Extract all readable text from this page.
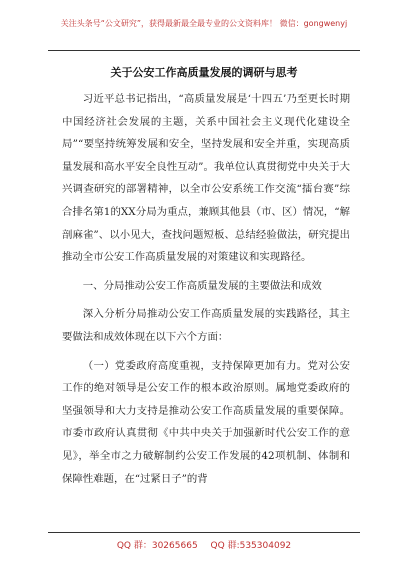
关注头条号“公文研究”，获得最新最全最专业的公文资料库！ 微信：gongwenyj
关于公安工作高质量发展的调研与思考

习近平总书记指出，“高质量发展是‘十四五’乃至更长时期中国经济社会发展的主题，关系中国社会主义现代化建设全局”“要坚持统筹发展和安全，坚持发展和安全并重，实现高质量发展和高水平安全良性互动”。我单位认真贯彻党中央关于大兴调查研究的部署精神，以全市公安系统工作交流“擂台赛”综合排名第1的XX分局为重点，兼顾其他县（市、区）情况，“解剖麻雀”、以小见大，查找问题短板、总结经验做法，研究提出推动全市公安工作高质量发展的对策建议和实现路径。

一、分局推动公安工作高质量发展的主要做法和成效

深入分析分局推动公安工作高质量发展的实践路径，其主要做法和成效体现在以下六个方面：

（一）党委政府高度重视，支持保障更加有力。党对公安工作的绝对领导是公安工作的根本政治原则。属地党委政府的坚强领导和大力支持是推动公安工作高质量发展的重要保障。市委市政府认真贯彻《中共中央关于加强新时代公安工作的意见》，举全市之力破解制约公安工作发展的42项机制、体制和保障性难题，在“过紧日子”的背

QQ 群：30265665 QQ 群:535304092
